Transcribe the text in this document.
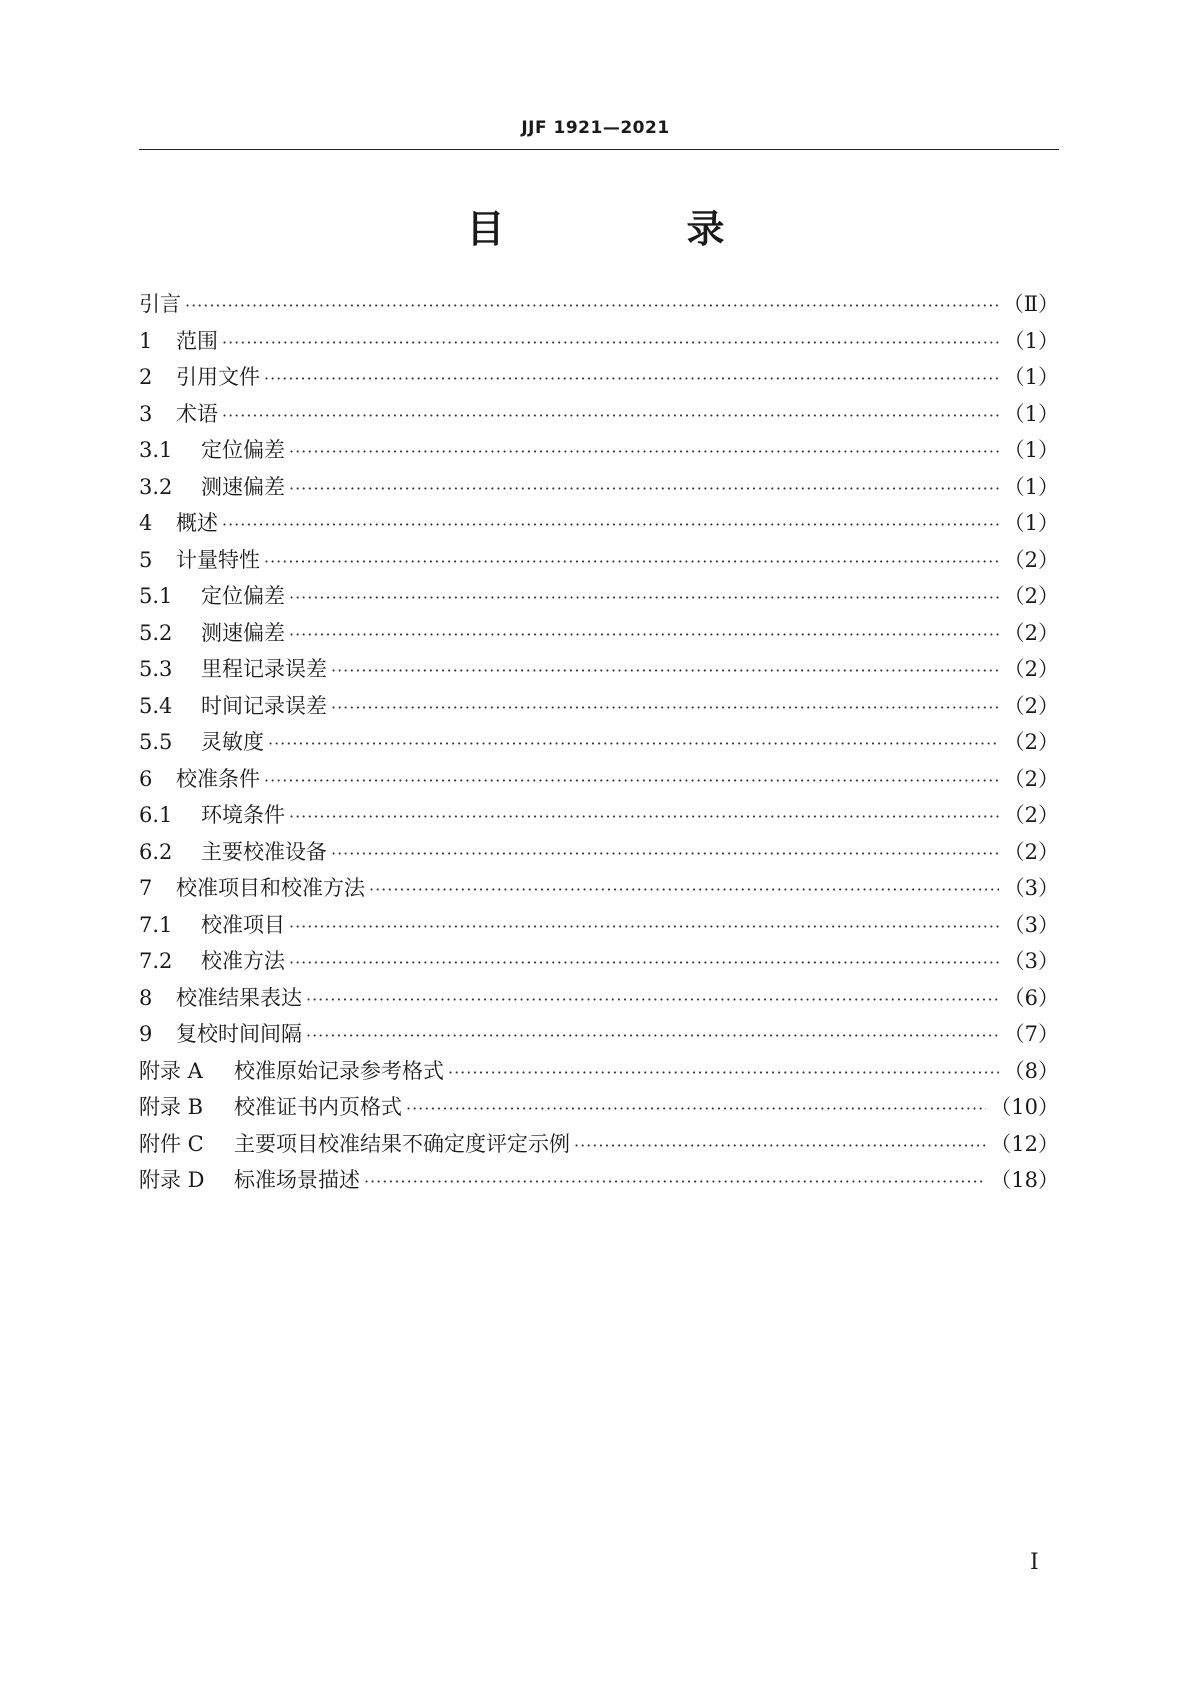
JJF 1921—2021
目　录
引言 ·····	（Ⅱ）
1 范围 ·····	（1）
2 引用文件 ·····	（1）
3 术语 ·····	（1）
3.1 定位偏差 ·····	（1）
3.2 测速偏差 ·····	（1）
4 概述 ·····	（1）
5 计量特性 ·····	（2）
5.1 定位偏差 ·····	（2）
5.2 测速偏差 ·····	（2）
5.3 里程记录误差 ·····	（2）
5.4 时间记录误差 ·····	（2）
5.5 灵敏度 ·····	（2）
6 校准条件 ·····	（2）
6.1 环境条件 ·····	（2）
6.2 主要校准设备 ·····	（2）
7 校准项目和校准方法 ·····	（3）
7.1 校准项目 ·····	（3）
7.2 校准方法 ·····	（3）
8 校准结果表达 ·····	（6）
9 复校时间间隔 ·····	（7）
附录 A 校准原始记录参考格式 ·····	（8）
附录 B 校准证书内页格式 ·····	（10）
附件 C 主要项目校准结果不确定度评定示例 ·····	（12）
附录 D 标准场景描述 ·····	（18）
Ⅰ
